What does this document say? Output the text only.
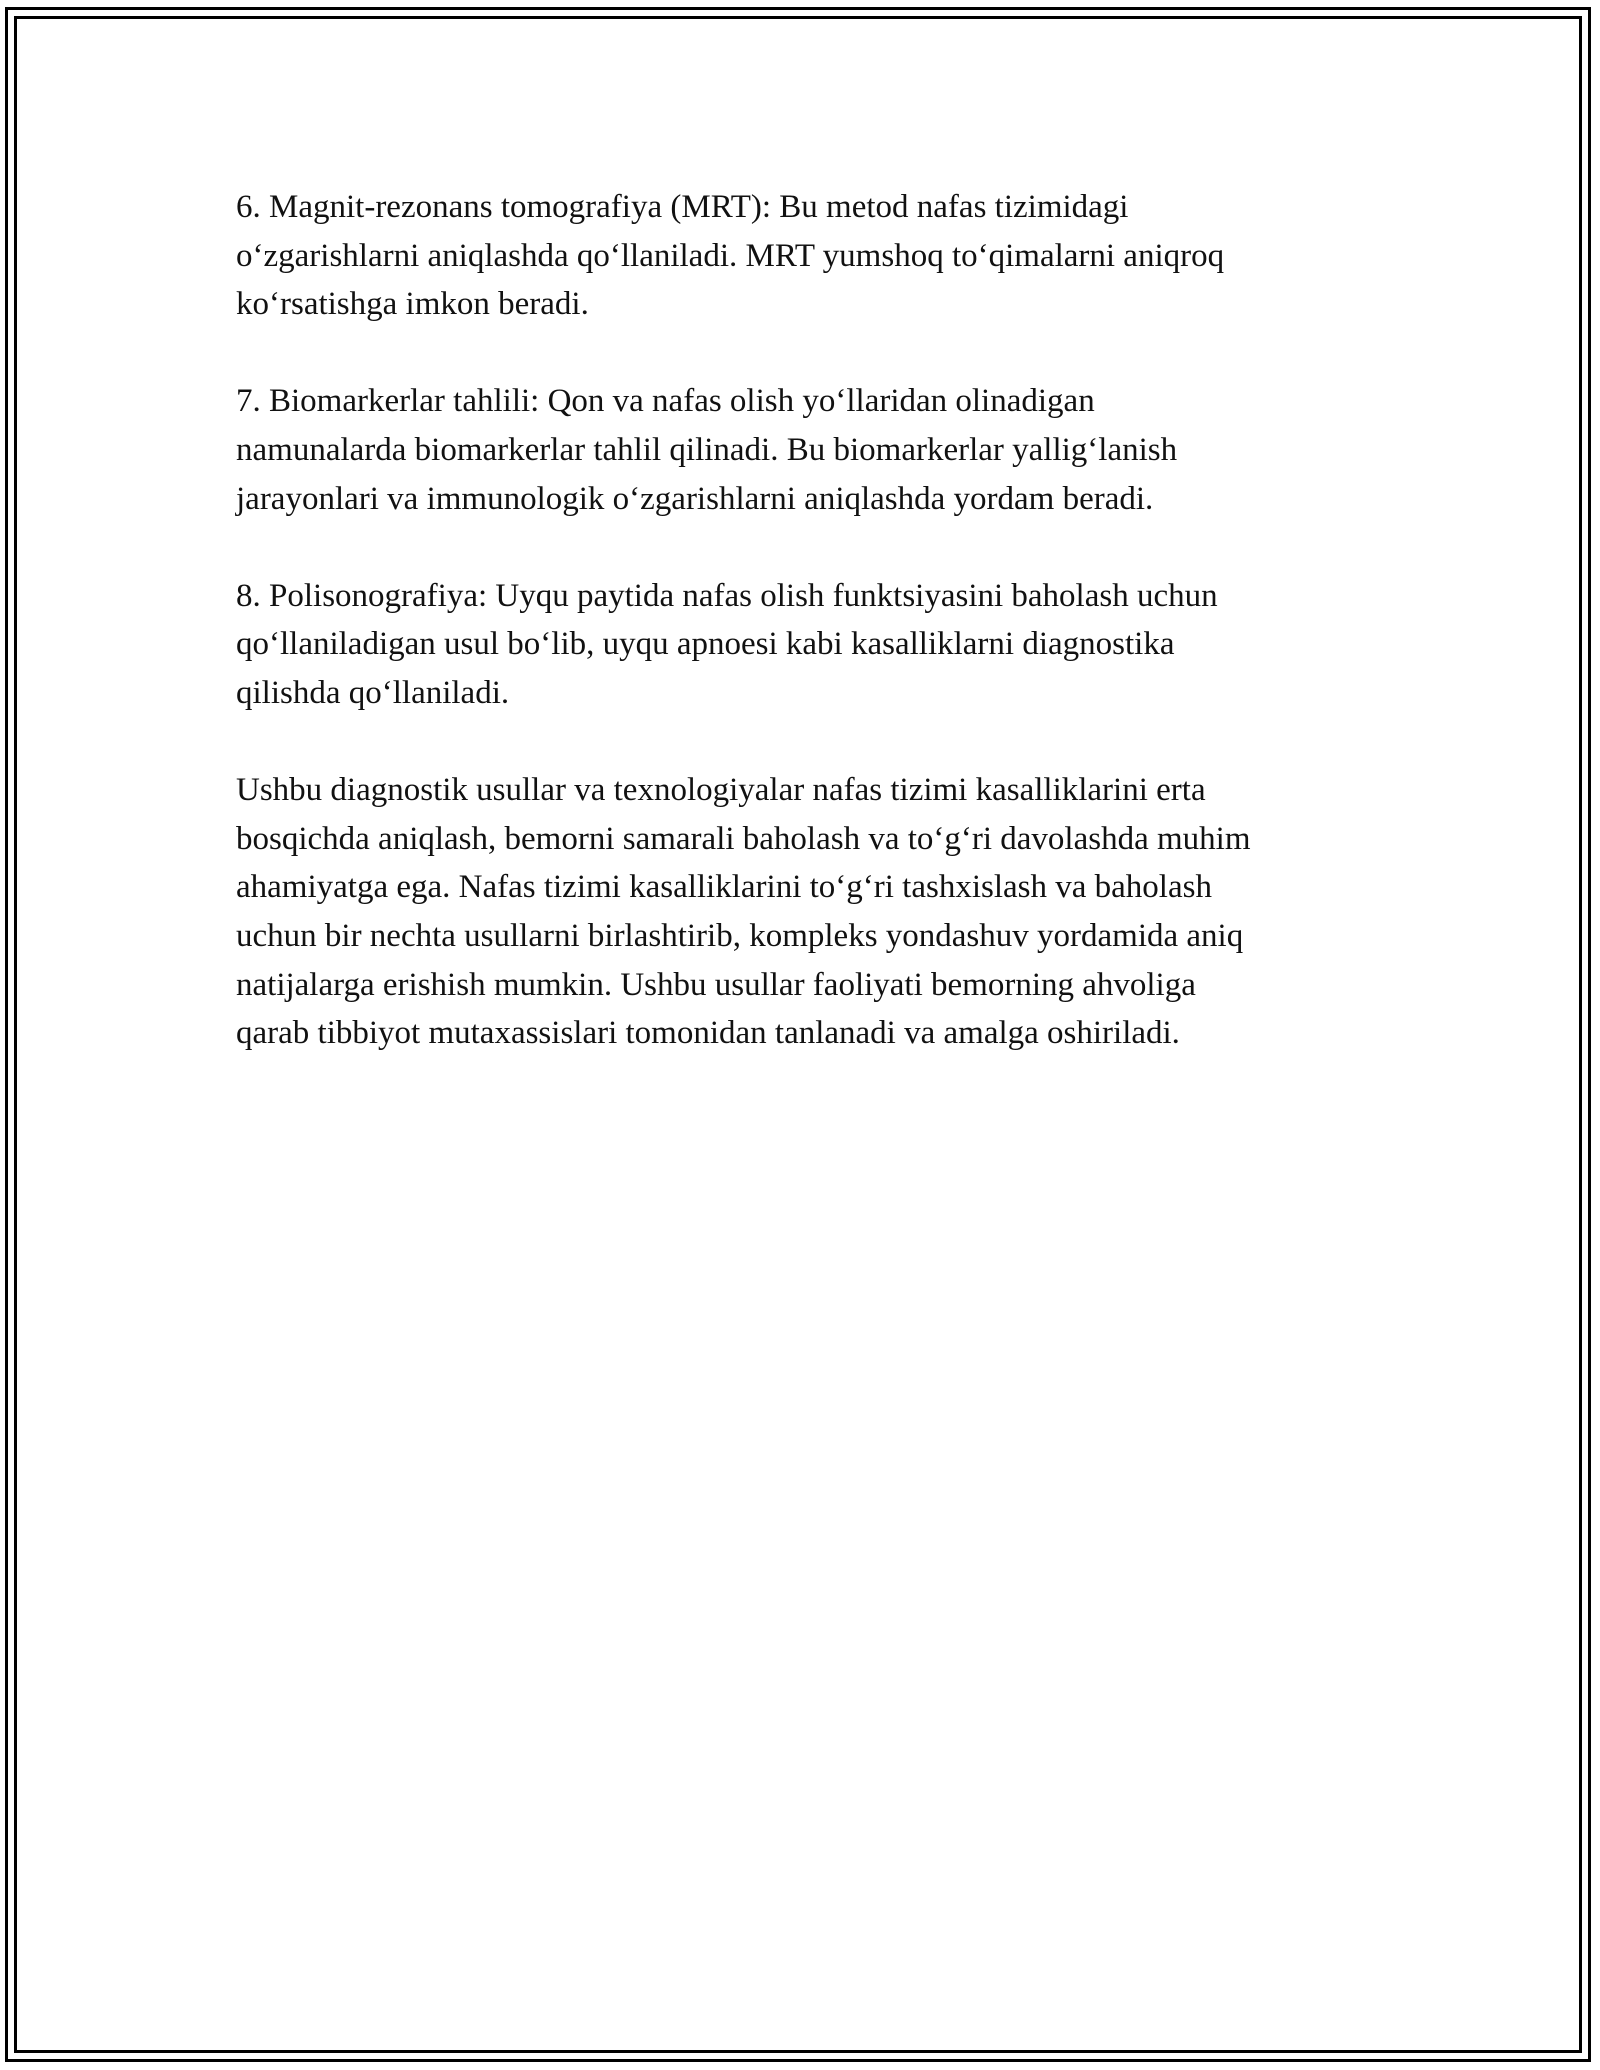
6. Magnit-rezonans tomografiya (MRT): Bu metod nafas tizimidagi
o‘zgarishlarni aniqlashda qo‘llaniladi. MRT yumshoq to‘qimalarni aniqroq
ko‘rsatishga imkon beradi.

7. Biomarkerlar tahlili: Qon va nafas olish yo‘llaridan olinadigan
namunalarda biomarkerlar tahlil qilinadi. Bu biomarkerlar yallig‘lanish
jarayonlari va immunologik o‘zgarishlarni aniqlashda yordam beradi.

8. Polisonografiya: Uyqu paytida nafas olish funktsiyasini baholash uchun
qo‘llaniladigan usul bo‘lib, uyqu apnoesi kabi kasalliklarni diagnostika
qilishda qo‘llaniladi.

Ushbu diagnostik usullar va texnologiyalar nafas tizimi kasalliklarini erta
bosqichda aniqlash, bemorni samarali baholash va to‘g‘ri davolashda muhim
ahamiyatga ega. Nafas tizimi kasalliklarini to‘g‘ri tashxislash va baholash
uchun bir nechta usullarni birlashtirib, kompleks yondashuv yordamida aniq
natijalarga erishish mumkin. Ushbu usullar faoliyati bemorning ahvoliga
qarab tibbiyot mutaxassislari tomonidan tanlanadi va amalga oshiriladi.
